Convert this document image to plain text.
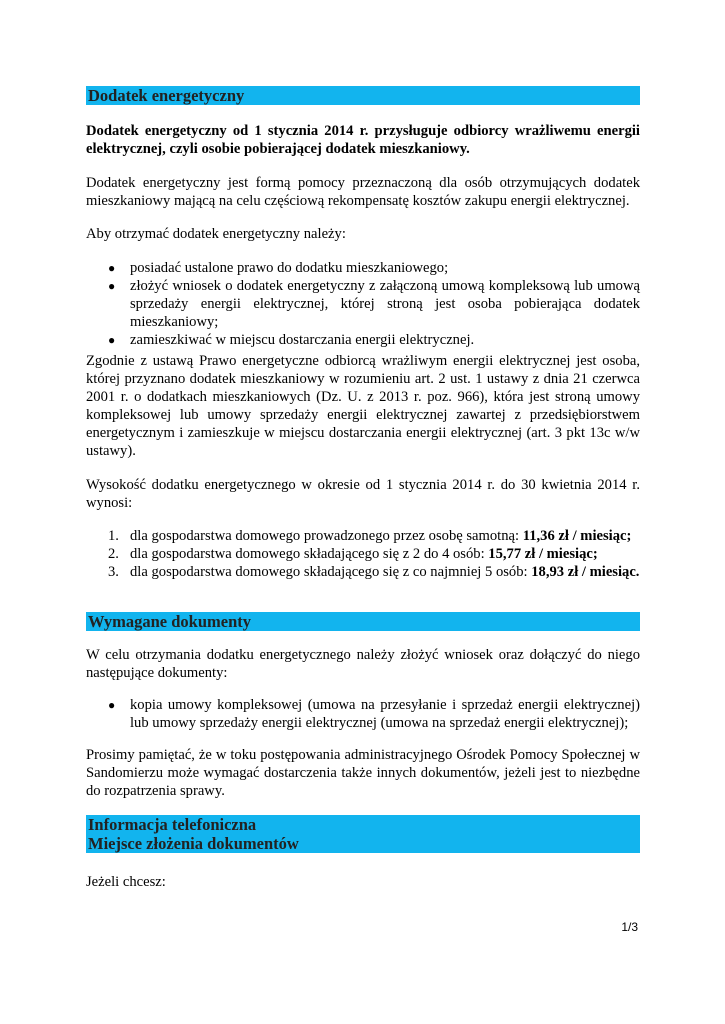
Dodatek energetyczny

Dodatek energetyczny od 1 stycznia 2014 r. przysługuje odbiorcy wrażliwemu energii elektrycznej, czyli osobie pobierającej dodatek mieszkaniowy.

Dodatek energetyczny jest formą pomocy przeznaczoną dla osób otrzymujących dodatek mieszkaniowy mającą na celu częściową rekompensatę kosztów zakupu energii elektrycznej.

Aby otrzymać dodatek energetyczny należy:

● posiadać ustalone prawo do dodatku mieszkaniowego;
● złożyć wniosek o dodatek energetyczny z załączoną umową kompleksową lub umową sprzedaży energii elektrycznej, której stroną jest osoba pobierająca dodatek mieszkaniowy;
● zamieszkiwać w miejscu dostarczania energii elektrycznej.

Zgodnie z ustawą Prawo energetyczne odbiorcą wrażliwym energii elektrycznej jest osoba, której przyznano dodatek mieszkaniowy w rozumieniu art. 2 ust. 1 ustawy z dnia 21 czerwca 2001 r. o dodatkach mieszkaniowych (Dz. U. z 2013 r. poz. 966), która jest stroną umowy kompleksowej lub umowy sprzedaży energii elektrycznej zawartej z przedsiębiorstwem energetycznym i zamieszkuje w miejscu dostarczania energii elektrycznej (art. 3 pkt 13c w/w ustawy).

Wysokość dodatku energetycznego w okresie od 1 stycznia 2014 r. do 30 kwietnia 2014 r. wynosi:

1. dla gospodarstwa domowego prowadzonego przez osobę samotną: 11,36 zł / miesiąc;
2. dla gospodarstwa domowego składającego się z 2 do 4 osób: 15,77 zł / miesiąc;
3. dla gospodarstwa domowego składającego się z co najmniej 5 osób: 18,93 zł / miesiąc.
Wymagane dokumenty

W celu otrzymania dodatku energetycznego należy złożyć wniosek oraz dołączyć do niego następujące dokumenty:

● kopia umowy kompleksowej (umowa na przesyłanie i sprzedaż energii elektrycznej) lub umowy sprzedaży energii elektrycznej (umowa na sprzedaż energii elektrycznej);

Prosimy pamiętać, że w toku postępowania administracyjnego Ośrodek Pomocy Społecznej w Sandomierzu może wymagać dostarczenia także innych dokumentów, jeżeli jest to niezbędne do rozpatrzenia sprawy.

Informacja telefoniczna
Miejsce złożenia dokumentów

Jeżeli chcesz:

1/3
